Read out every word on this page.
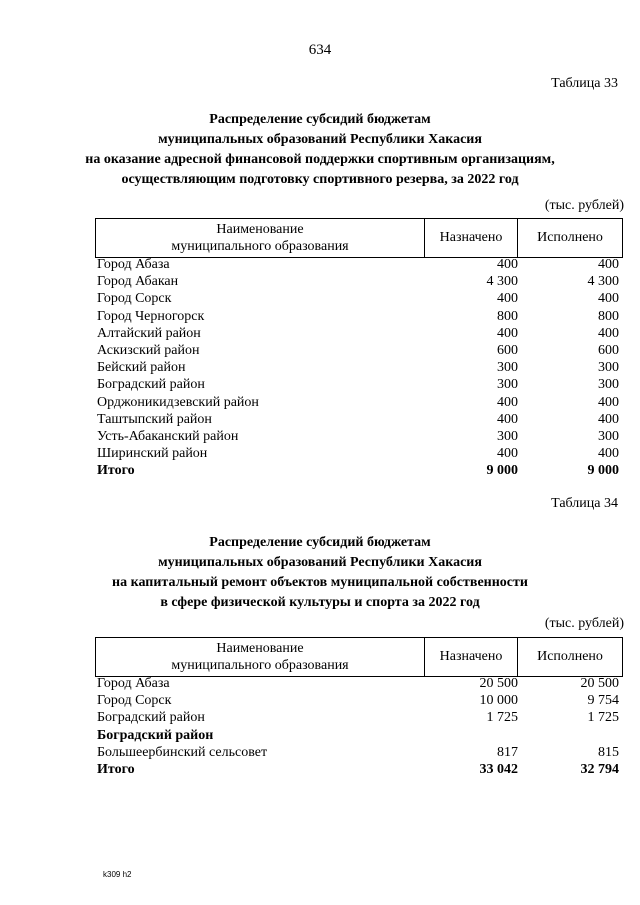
634
Таблица 33
Распределение субсидий бюджетам
муниципальных образований Республики Хакасия
на оказание адресной финансовой поддержки спортивным организациям,
осуществляющим подготовку спортивного резерва, за 2022 год
(тыс. рублей)
Наименование
муниципального образования
Назначено	Исполнено
Город Абаза	400	400
Город Абакан	4 300	4 300
Город Сорск	400	400
Город Черногорск	800	800
Алтайский район	400	400
Аскизский район	600	600
Бейский район	300	300
Боградский район	300	300
Орджоникидзевский район	400	400
Таштыпский район	400	400
Усть-Абаканский район	300	300
Ширинский район	400	400
Итого	9 000	9 000
Таблица 34
Распределение субсидий бюджетам
муниципальных образований Республики Хакасия
на капитальный ремонт объектов муниципальной собственности
в сфере физической культуры и спорта за 2022 год
(тыс. рублей)
Наименование
муниципального образования
Назначено	Исполнено
Город Абаза	20 500	20 500
Город Сорск	10 000	9 754
Боградский район	1 725	1 725
Боградский район
Большеербинский сельсовет	817	815
Итого	33 042	32 794
k309 h2
